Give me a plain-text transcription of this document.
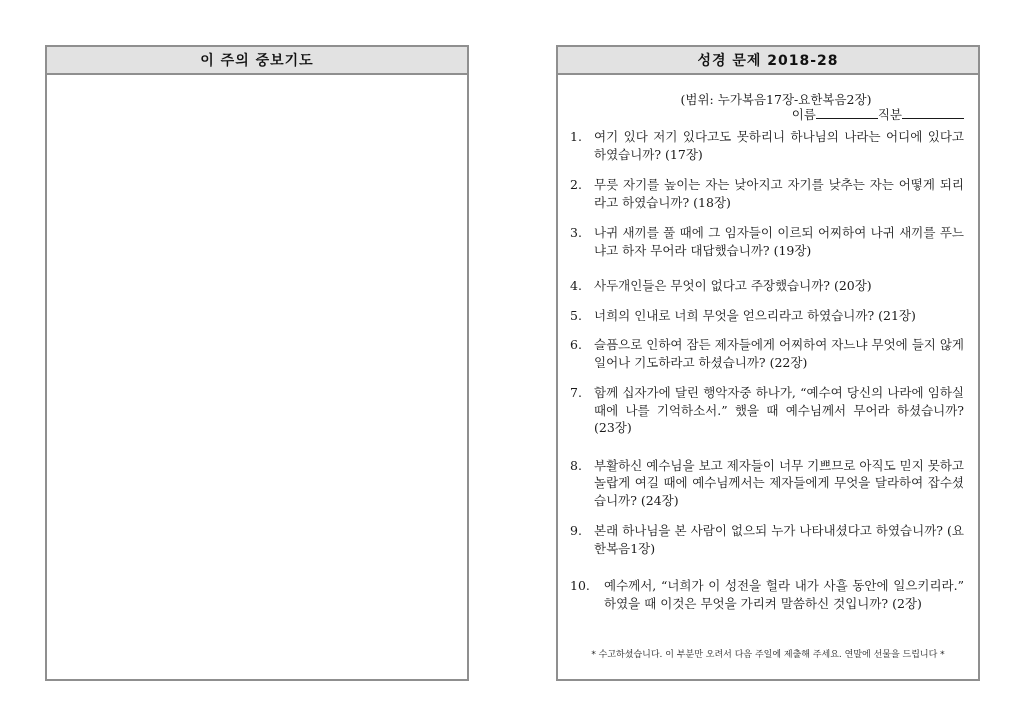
이 주의 중보기도	성경 문제 2018-28
(범위: 누가복음17장-요한복음2장)
이름	직분
1. 여기 있다 저기 있다고도 못하리니 하나님의 나라는 어디에 있다고 하였습니까? (17장)
2. 무릇 자기를 높이는 자는 낮아지고 자기를 낮추는 자는 어떻게 되리라고 하였습니까? (18장)
3. 나귀 새끼를 풀 때에 그 임자들이 이르되 어찌하여 나귀 새끼를 푸느냐고 하자 무어라 대답했습니까? (19장)
4. 사두개인들은 무엇이 없다고 주장했습니까? (20장)
5. 너희의 인내로 너희 무엇을 얻으리라고 하였습니까? (21장)
6. 슬픔으로 인하여 잠든 제자들에게 어찌하여 자느냐 무엇에 들지 않게 일어나 기도하라고 하셨습니까? (22장)
7. 함께 십자가에 달린 행악자중 하나가, “예수여 당신의 나라에 임하실 때에 나를 기억하소서.” 했을 때 예수님께서 무어라 하셨습니까? (23장)
8. 부활하신 예수님을 보고 제자들이 너무 기쁘므로 아직도 믿지 못하고 놀랍게 여길 때에 예수님께서는 제자들에게 무엇을 달라하여 잡수셨습니까? (24장)
9. 본래 하나님을 본 사람이 없으되 누가 나타내셨다고 하였습니까? (요한복음1장)
10.	예수께서, “너희가 이 성전을 헐라 내가 사흘 동안에 일으키리라.” 하였을 때 이것은 무엇을 가리켜 말씀하신 것입니까? (2장)
* 수고하셨습니다. 이 부분만 오려서 다음 주일에 제출해 주세요. 연말에 선물을 드립니다 *
